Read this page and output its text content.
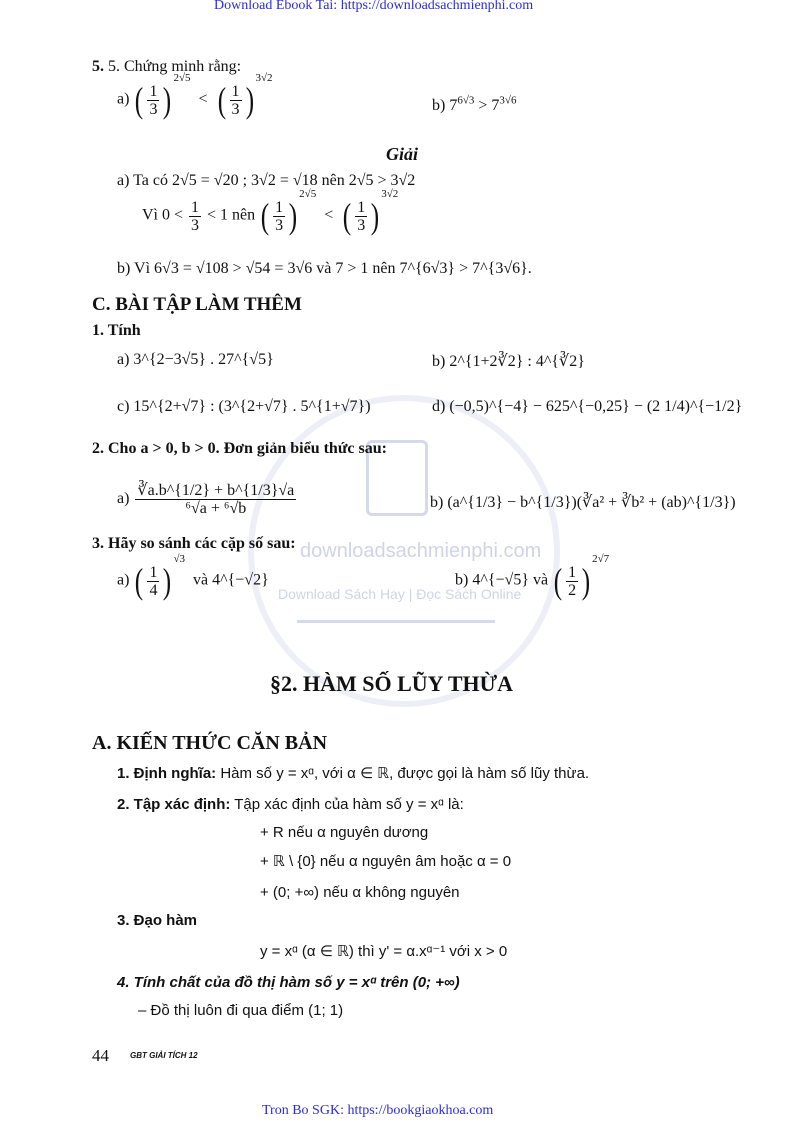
downloadsachmienphi.com
Download Sách Hay | Đọc Sách Online
Download Ebook Tai: https://downloadsachmienphi.com
Tron Bo SGK: https://bookgiaokhoa.com
5. 5. Chứng minh rằng:
a) ( $\frac{1}{3} )^{2√5}$  <  ( $\frac{1}{3} )^{3√2}$
b) $7^{6√3} > 7^{3√6}$
Giải
a) Ta có 2√5 = √20 ; 3√2 = √18 nên 2√5 > 3√2
Vì $0 < \frac{1}{3} < 1$ nên ( $\frac{1}{3} )^{2√5}$  <  ( $\frac{1}{3} )^{3√2}$
b) Vì 6√3 = √108 > √54 = 3√6 và 7 > 1 nên 7^{6√3} > 7^{3√6}.
C. BÀI TẬP LÀM THÊM
1. Tính
a) 3^{2−3√5} . 27^{√5}	b) 2^{1+2∛2} : 4^{∛2}
c) 15^{2+√7} : (3^{2+√7} . 5^{1+√7})	d) (−0,5)^{−4} − 625^{−0,25} − (2 1/4)^{−1/2}
2. Cho a > 0, b > 0. Đơn giản biểu thức sau:
$a) \frac{∛a.b\^{}\{1/2\} + b\^{}\{1/3\}√a}{\text{⁶√a + ⁶√b}}$	b) (a^{1/3} − b^{1/3})(∛a² + ∛b² + (ab)^{1/3})
3. Hãy so sánh các cặp số sau:
a) ( $\frac{1}{4} )^{√3}$  và 4^{−√2}	b) 4^{−√5} và ( $\frac{1}{2} )^{2√7}$
§2. HÀM SỐ LŨY THỪA
A. KIẾN THỨC CĂN BẢN
1. Định nghĩa: Hàm số y = xᵅ, với α ∈ ℝ, được gọi là hàm số lũy thừa.
2. Tập xác định: Tập xác định của hàm số y = xᵅ là:
+ R nếu α nguyên dương
+ ℝ \ {0} nếu α nguyên âm hoặc α = 0
+ (0; +∞) nếu α không nguyên
3. Đạo hàm
y = xᵅ (α ∈ ℝ) thì y' = α.xᵅ⁻¹ với x > 0
4. Tính chất của đồ thị hàm số y = xᵅ trên (0; +∞)
– Đồ thị luôn đi qua điểm (1; 1)
44	GBT GIẢI TÍCH 12
